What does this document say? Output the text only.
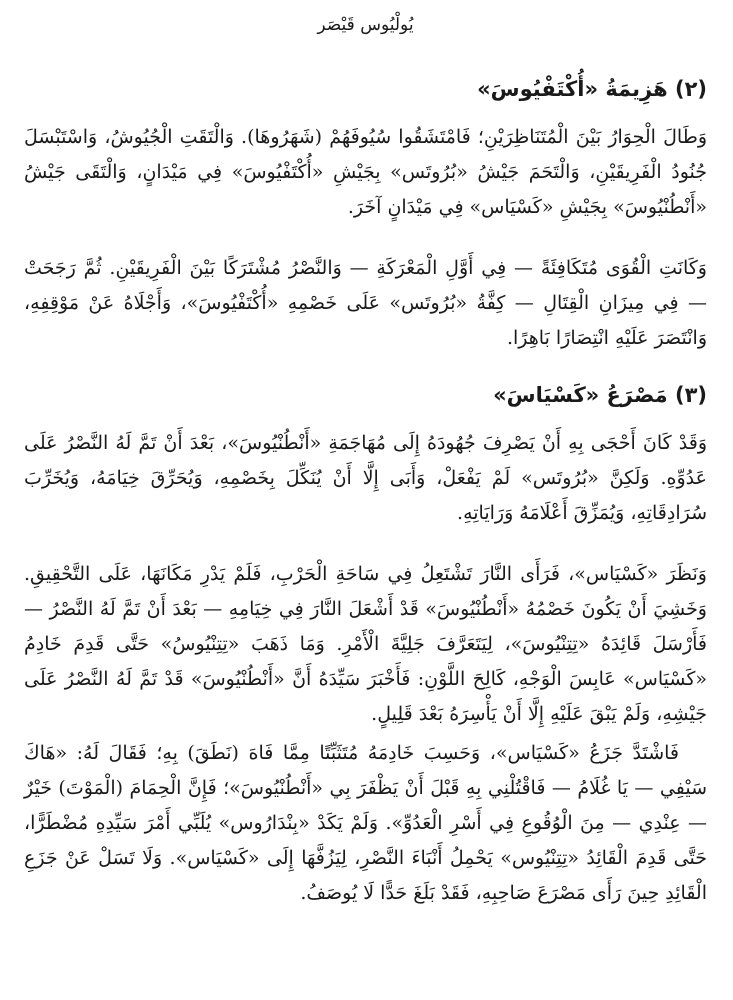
يُولْيُوس قَيْصَر
(٢) هَزِيمَةُ «أُكْتَفْيُوسَ»

وَطَالَ الْحِوَارُ بَيْنَ الْمُتَنَاظِرَيْنِ؛ فَامْتَشَقُوا سُيُوفَهُمْ (شَهَرُوهَا). وَالْتَقَتِ الْجُيُوشُ، وَاسْتَبْسَلَ جُنُودُ الْفَرِيقَيْنِ، وَالْتَحَمَ جَيْشُ «بُرُوتَس» بِجَيْشِ «أُكْتَفْيُوسَ» فِي مَيْدَانٍ، وَالْتَقَى جَيْشُ «أَنْطُنْيُوسَ» بِجَيْشِ «كَسْيَاس» فِي مَيْدَانٍ آخَرَ.

وَكَانَتِ الْقُوَى مُتَكَافِئَةً — فِي أَوَّلِ الْمَعْرَكَةِ — وَالنَّصْرُ مُشْتَرَكًا بَيْنَ الْفَرِيقَيْنِ. ثُمَّ رَجَحَتْ — فِي مِيزَانِ الْقِتَالِ — كِفَّةُ «بُرُوتَس» عَلَى خَصْمِهِ «أُكْتَفْيُوسَ»، وَأَجْلَاهُ عَنْ مَوْقِفِهِ، وَانْتَصَرَ عَلَيْهِ انْتِصَارًا بَاهِرًا.

(٣) مَصْرَعُ «كَسْيَاسَ»

وَقَدْ كَانَ أَحْجَى بِهِ أَنْ يَصْرِفَ جُهُودَهُ إِلَى مُهَاجَمَةِ «أَنْطُنْيُوسَ»، بَعْدَ أَنْ تَمَّ لَهُ النَّصْرُ عَلَى عَدُوِّهِ. وَلَكِنَّ «بُرُوتَس» لَمْ يَفْعَلْ، وَأَبَى إِلَّا أَنْ يُنَكِّلَ بِخَصْمِهِ، وَيُحَرِّقَ خِيَامَهُ، وَيُخَرِّبَ سُرَادِقَاتِهِ، وَيُمَزِّقَ أَعْلَامَهُ وَرَايَاتِهِ.

وَنَظَرَ «كَسْيَاس»، فَرَأَى النَّارَ تَشْتَعِلُ فِي سَاحَةِ الْحَرْبِ، فَلَمْ يَدْرِ مَكَانَهَا، عَلَى التَّحْقِيقِ. وَخَشِيَ أَنْ يَكُونَ خَصْمُهُ «أَنْطُنْيُوسَ» قَدْ أَشْعَلَ النَّارَ فِي خِيَامِهِ — بَعْدَ أَنْ تَمَّ لَهُ النَّصْرُ — فَأَرْسَلَ قَائِدَهُ «تِتِنْيُوسَ»، لِيَتَعَرَّفَ جَلِيَّةَ الْأَمْرِ. وَمَا ذَهَبَ «تِتِنْيُوسُ» حَتَّى قَدِمَ خَادِمُ «كَسْيَاس» عَابِسَ الْوَجْهِ، كَالِحَ اللَّوْنِ: فَأَخْبَرَ سَيِّدَهُ أَنَّ «أَنْطُنْيُوسَ» قَدْ تَمَّ لَهُ النَّصْرُ عَلَى جَيْشِهِ، وَلَمْ يَبْقَ عَلَيْهِ إِلَّا أَنْ يَأْسِرَهُ بَعْدَ قَلِيلٍ.

فَاشْتَدَّ جَزَعُ «كَسْيَاس»، وَحَسِبَ خَادِمَهُ مُتَثَبِّتًا مِمَّا فَاهَ (نَطَقَ) بِهِ؛ فَقَالَ لَهُ: «هَاكَ سَيْفِي — يَا غُلَامُ — فَاقْتُلْنِي بِهِ قَبْلَ أَنْ يَظْفَرَ بِي «أَنْطُنْيُوسَ»؛ فَإِنَّ الْحِمَامَ (الْمَوْتَ) خَيْرٌ — عِنْدِي — مِنَ الْوُقُوعِ فِي أَسْرِ الْعَدُوِّ». وَلَمْ يَكَدْ «بِنْدَارُوس» يُلَبِّي أَمْرَ سَيِّدِهِ مُضْطَرًّا، حَتَّى قَدِمَ الْقَائِدُ «تِتِنْيُوس» يَحْمِلُ أَنْبَاءَ النَّصْرِ، لِيَزُفَّهَا إِلَى «كَسْيَاس». وَلَا تَسَلْ عَنْ جَزَعِ الْقَائِدِ حِينَ رَأَى مَصْرَعَ صَاحِبِهِ، فَقَدْ بَلَغَ حَدًّا لَا يُوصَفُ.
